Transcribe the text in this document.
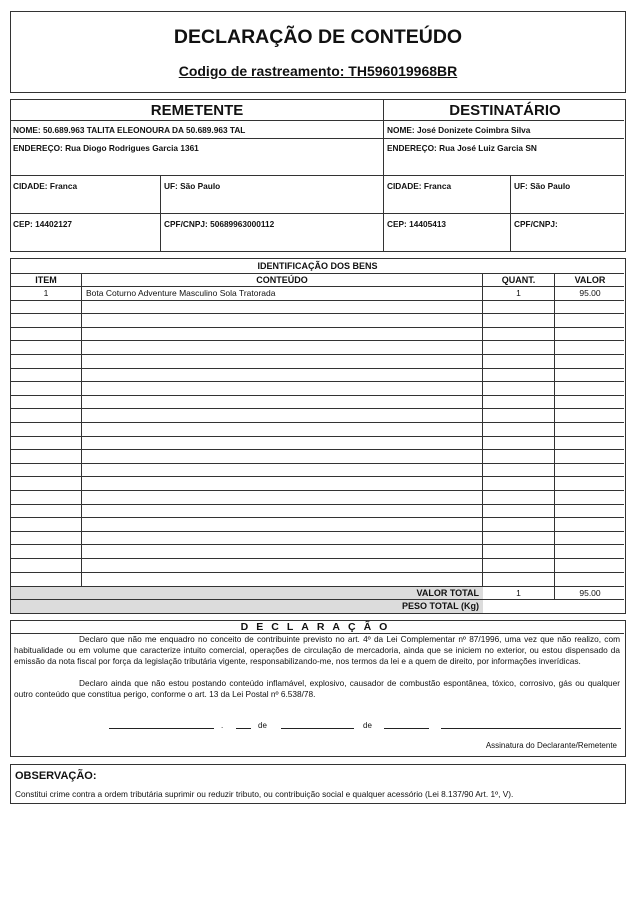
DECLARAÇÃO DE CONTEÚDO
Codigo de rastreamento: TH596019968BR
REMETENTE
NOME: 50.689.963 TALITA ELEONOURA DA 50.689.963 TAL
ENDEREÇO: Rua Diogo Rodrigues Garcia 1361
CIDADE: Franca	UF: São Paulo
CEP: 14402127	CPF/CNPJ: 50689963000112
DESTINATÁRIO
NOME: José Donizete Coimbra Silva
ENDEREÇO: Rua José Luiz Garcia SN
CIDADE: Franca	UF: São Paulo
CEP: 14405413	CPF/CNPJ:
IDENTIFICAÇÃO DOS BENS
ITEM	CONTEÚDO	QUANT.	VALOR
1	Bota Coturno Adventure Masculino Sola Tratorada	1	95.00
VALOR TOTAL	1	95.00
PESO TOTAL (Kg)
DECLARAÇÃO
Declaro que não me enquadro no conceito de contribuinte previsto no art. 4º da Lei Complementar nº 87/1996, uma vez que não realizo, com habitualidade ou em volume que caracterize intuito comercial, operações de circulação de mercadoria, ainda que se iniciem no exterior, ou estou dispensado da emissão da nota fiscal por força da legislação tributária vigente, responsabilizando-me, nos termos da lei e a quem de direito, por informações inverídicas.
Declaro ainda que não estou postando conteúdo inflamável, explosivo, causador de combustão espontânea, tóxico, corrosivo, gás ou qualquer outro conteúdo que constitua perigo, conforme o art. 13 da Lei Postal nº 6.538/78.
.	de	de
Assinatura do Declarante/Remetente
OBSERVAÇÃO:
Constitui crime contra a ordem tributária suprimir ou reduzir tributo, ou contribuição social e qualquer acessório (Lei 8.137/90 Art. 1º, V).
